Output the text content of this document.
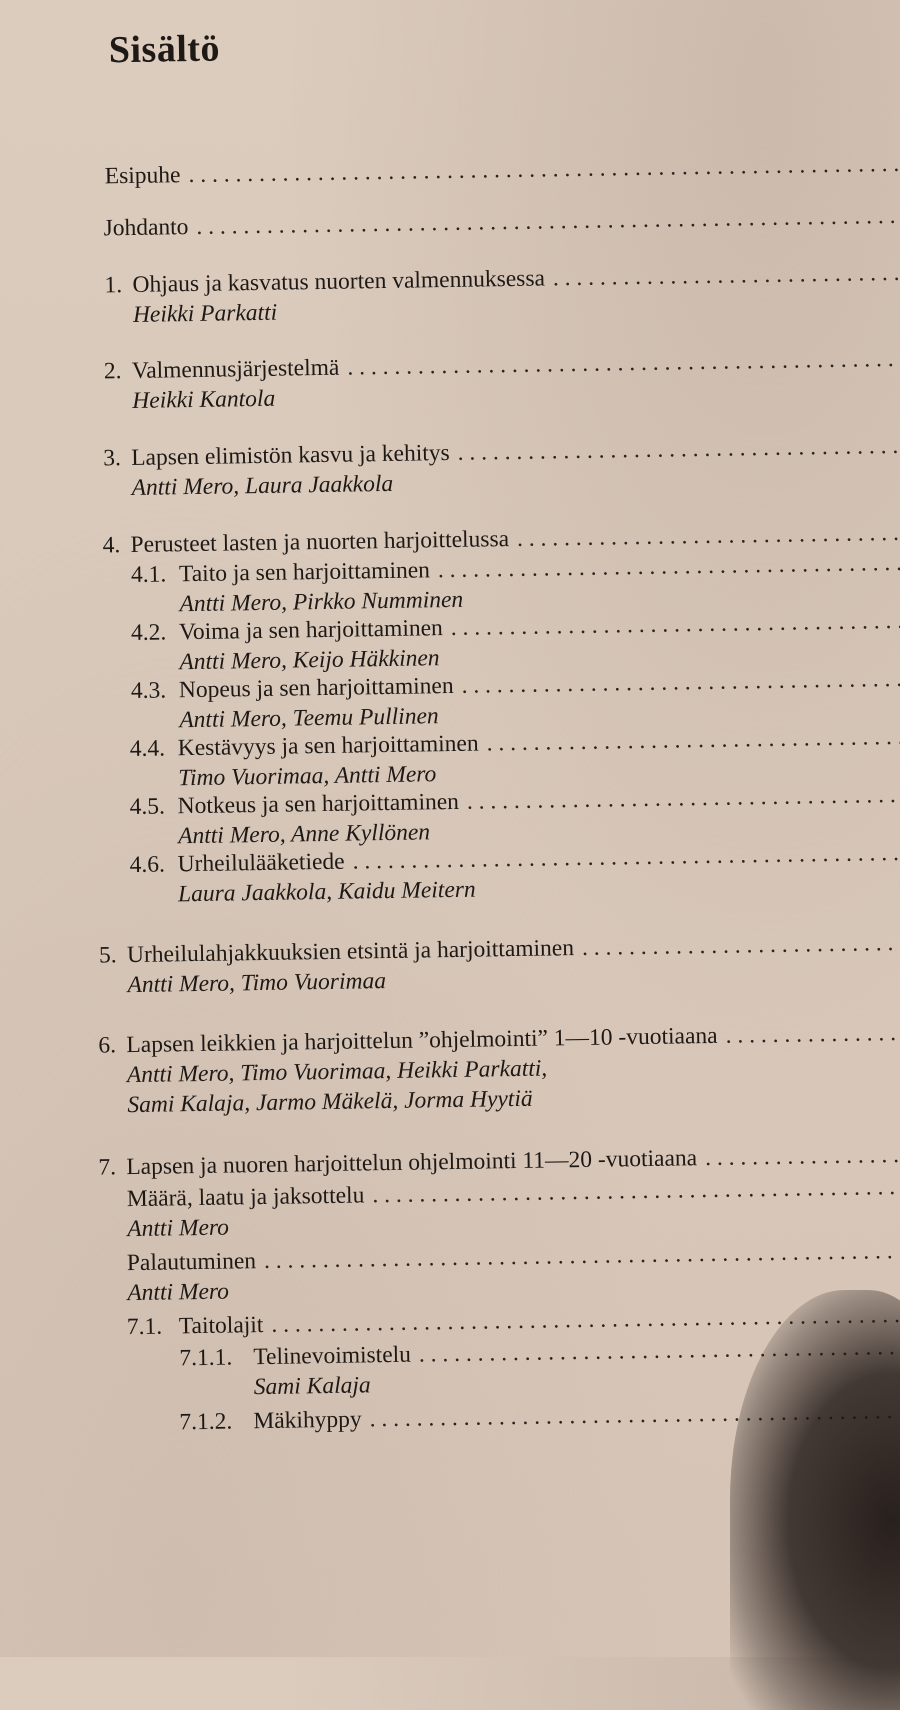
Sisältö
Esipuhe
. . .
Johdanto
. . .
1. Ohjaus ja kasvatus nuorten valmennuksessa
. . .
Heikki Parkatti
2. Valmennusjärjestelmä
. . .
Heikki Kantola
3. Lapsen elimistön kasvu ja kehitys
. . .
Antti Mero, Laura Jaakkola
4. Perusteet lasten ja nuorten harjoittelussa
. . .
4.1. Taito ja sen harjoittaminen
. . .
Antti Mero, Pirkko Numminen
4.2. Voima ja sen harjoittaminen
. . .
Antti Mero, Keijo Häkkinen
4.3. Nopeus ja sen harjoittaminen
. . .
Antti Mero, Teemu Pullinen
4.4. Kestävyys ja sen harjoittaminen
. . .
Timo Vuorimaa, Antti Mero
4.5. Notkeus ja sen harjoittaminen
. . .
Antti Mero, Anne Kyllönen
4.6. Urheilulääketiede
. . .
Laura Jaakkola, Kaidu Meitern
5. Urheilulahjakkuuksien etsintä ja harjoittaminen
. . .
Antti Mero, Timo Vuorimaa
6. Lapsen leikkien ja harjoittelun ”ohjelmointi” 1—10 -vuotiaana
. . .
Antti Mero, Timo Vuorimaa, Heikki Parkatti,
Sami Kalaja, Jarmo Mäkelä, Jorma Hyytiä
7. Lapsen ja nuoren harjoittelun ohjelmointi 11—20 -vuotiaana
. . .
Määrä, laatu ja jaksottelu
. . .
Antti Mero
Palautuminen
. . .
Antti Mero
7.1. Taitolajit
. . .
7.1.1. Telinevoimistelu
. . .
Sami Kalaja
7.1.2. Mäkihyppy
. . .
